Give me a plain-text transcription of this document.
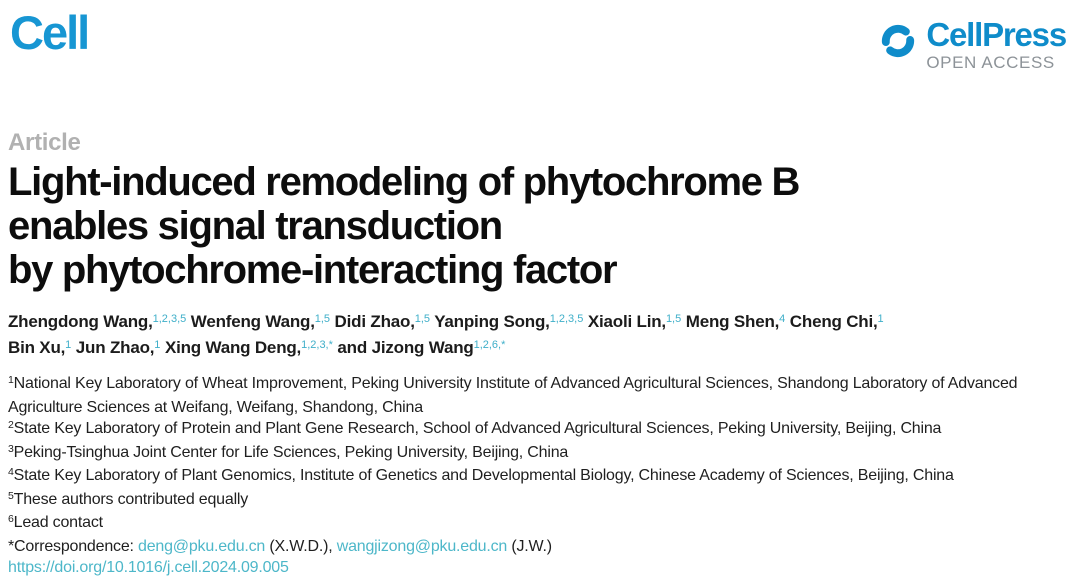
Cell	CellPress
OPEN ACCESS
Article
Light-induced remodeling of phytochrome B
enables signal transduction
by phytochrome-interacting factor
Zhengdong Wang,$^{1,2,3,5}$ Wenfeng Wang,$^{1,5}$ Didi Zhao,$^{1,5}$ Yanping Song,$^{1,2,3,5}$ Xiaoli Lin,$^{1,5}$ Meng Shen,$^4$ Cheng Chi,$^1$
Bin Xu,$^1$ Jun Zhao,$^1$ Xing Wang Deng,$^{1,2,3,*}$ and Jizong Wang$^{1,2,6,*}$
$^1$National Key Laboratory of Wheat Improvement, Peking University Institute of Advanced Agricultural Sciences, Shandong Laboratory of Advanced Agriculture Sciences at Weifang, Weifang, Shandong, China
$^2$State Key Laboratory of Protein and Plant Gene Research, School of Advanced Agricultural Sciences, Peking University, Beijing, China
$^3$Peking-Tsinghua Joint Center for Life Sciences, Peking University, Beijing, China
$^4$State Key Laboratory of Plant Genomics, Institute of Genetics and Developmental Biology, Chinese Academy of Sciences, Beijing, China
$^5$These authors contributed equally
$^6$Lead contact
*Correspondence: deng@pku.edu.cn (X.W.D.), wangjizong@pku.edu.cn (J.W.)
https://doi.org/10.1016/j.cell.2024.09.005
